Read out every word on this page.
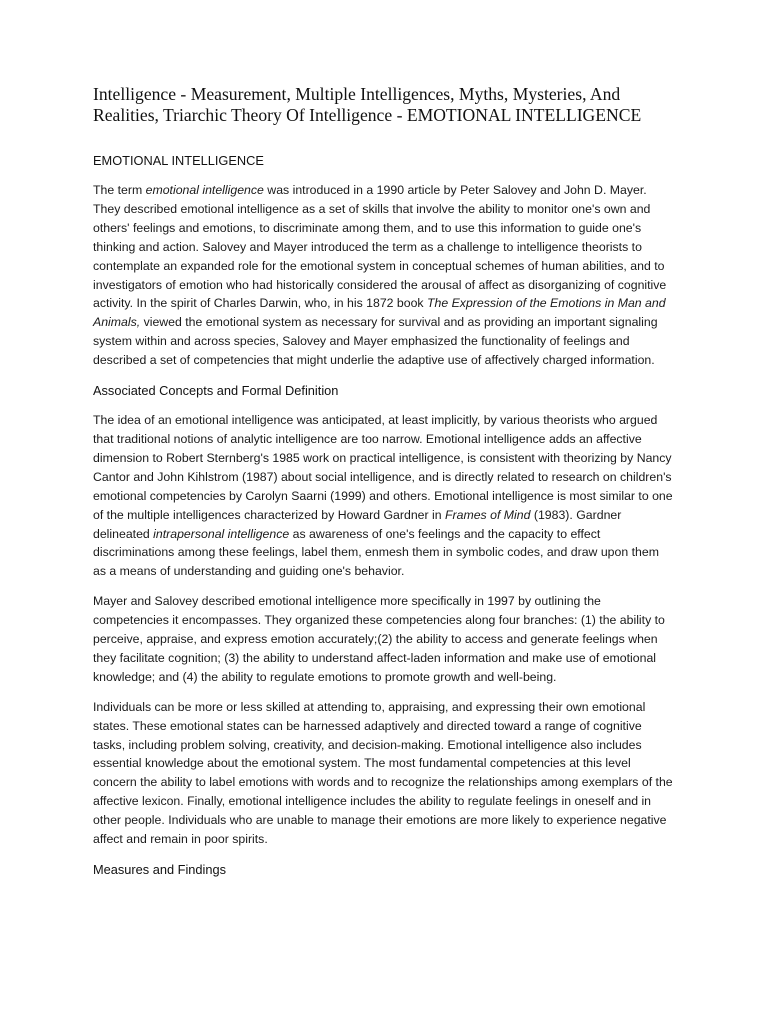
Intelligence - Measurement, Multiple Intelligences, Myths, Mysteries, And Realities, Triarchic Theory Of Intelligence - EMOTIONAL INTELLIGENCE
EMOTIONAL INTELLIGENCE

The term emotional intelligence was introduced in a 1990 article by Peter Salovey and John D. Mayer. They described emotional intelligence as a set of skills that involve the ability to monitor one's own and others' feelings and emotions, to discriminate among them, and to use this information to guide one's thinking and action. Salovey and Mayer introduced the term as a challenge to intelligence theorists to contemplate an expanded role for the emotional system in conceptual schemes of human abilities, and to investigators of emotion who had historically considered the arousal of affect as disorganizing of cognitive activity. In the spirit of Charles Darwin, who, in his 1872 book The Expression of the Emotions in Man and Animals, viewed the emotional system as necessary for survival and as providing an important signaling system within and across species, Salovey and Mayer emphasized the functionality of feelings and described a set of competencies that might underlie the adaptive use of affectively charged information.

Associated Concepts and Formal Definition

The idea of an emotional intelligence was anticipated, at least implicitly, by various theorists who argued that traditional notions of analytic intelligence are too narrow. Emotional intelligence adds an affective dimension to Robert Sternberg's 1985 work on practical intelligence, is consistent with theorizing by Nancy Cantor and John Kihlstrom (1987) about social intelligence, and is directly related to research on children's emotional competencies by Carolyn Saarni (1999) and others. Emotional intelligence is most similar to one of the multiple intelligences characterized by Howard Gardner in Frames of Mind (1983). Gardner delineated intrapersonal intelligence as awareness of one's feelings and the capacity to effect discriminations among these feelings, label them, enmesh them in symbolic codes, and draw upon them as a means of understanding and guiding one's behavior.

Mayer and Salovey described emotional intelligence more specifically in 1997 by outlining the competencies it encompasses. They organized these competencies along four branches: (1) the ability to perceive, appraise, and express emotion accurately;(2) the ability to access and generate feelings when they facilitate cognition; (3) the ability to understand affect-laden information and make use of emotional knowledge; and (4) the ability to regulate emotions to promote growth and well-being.

Individuals can be more or less skilled at attending to, appraising, and expressing their own emotional states. These emotional states can be harnessed adaptively and directed toward a range of cognitive tasks, including problem solving, creativity, and decision-making. Emotional intelligence also includes essential knowledge about the emotional system. The most fundamental competencies at this level concern the ability to label emotions with words and to recognize the relationships among exemplars of the affective lexicon. Finally, emotional intelligence includes the ability to regulate feelings in oneself and in other people. Individuals who are unable to manage their emotions are more likely to experience negative affect and remain in poor spirits.

Measures and Findings
